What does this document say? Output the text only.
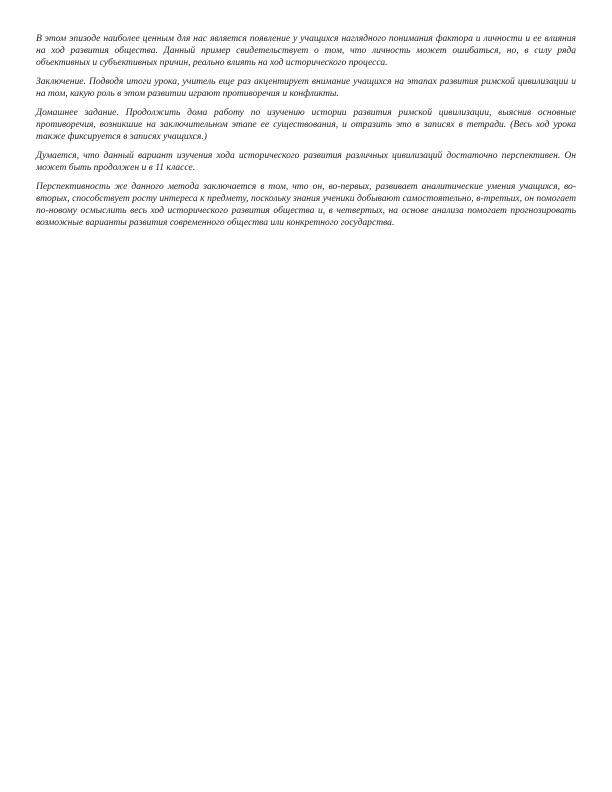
В этом эпизоде наиболее ценным для нас является появление у учащихся наглядного понимания фактора и личности и ее влияния на ход развития общества. Данный пример свидетельствует о том, что личность может ошибаться, но, в силу ряда объективных и субъективных причин, реально влиять на ход исторического процесса.

Заключение. Подводя итоги урока, учитель еще раз акцентирует внимание учащихся на этапах развития римской цивилизации и на том, какую роль в этом развитии играют противоречия и конфликты.

Домашнее задание. Продолжить дома работу по изучению истории развития римской цивилизации, выяснив основные противоречия, возникшие на заключительном этапе ее существования, и отразить это в записях в тетради. (Весь ход урока также фиксируется в записях учащихся.)

Думается, что данный вариант изучения хода исторического развития различных цивилизаций достаточно перспективен. Он может быть продолжен и в 11 классе.

Перспективность же данного метода заключается в том, что он, во-первых, развивает аналитические умения учащихся, во-вторых, способствует росту интереса к предмету, поскольку знания ученики добывают самостоятельно, в-третьих, он помогает по-новому осмыслить весь ход исторического развития общества и, в четвертых, на основе анализа помогает прогнозировать возможные варианты развития современного общества или конкретного государства.
